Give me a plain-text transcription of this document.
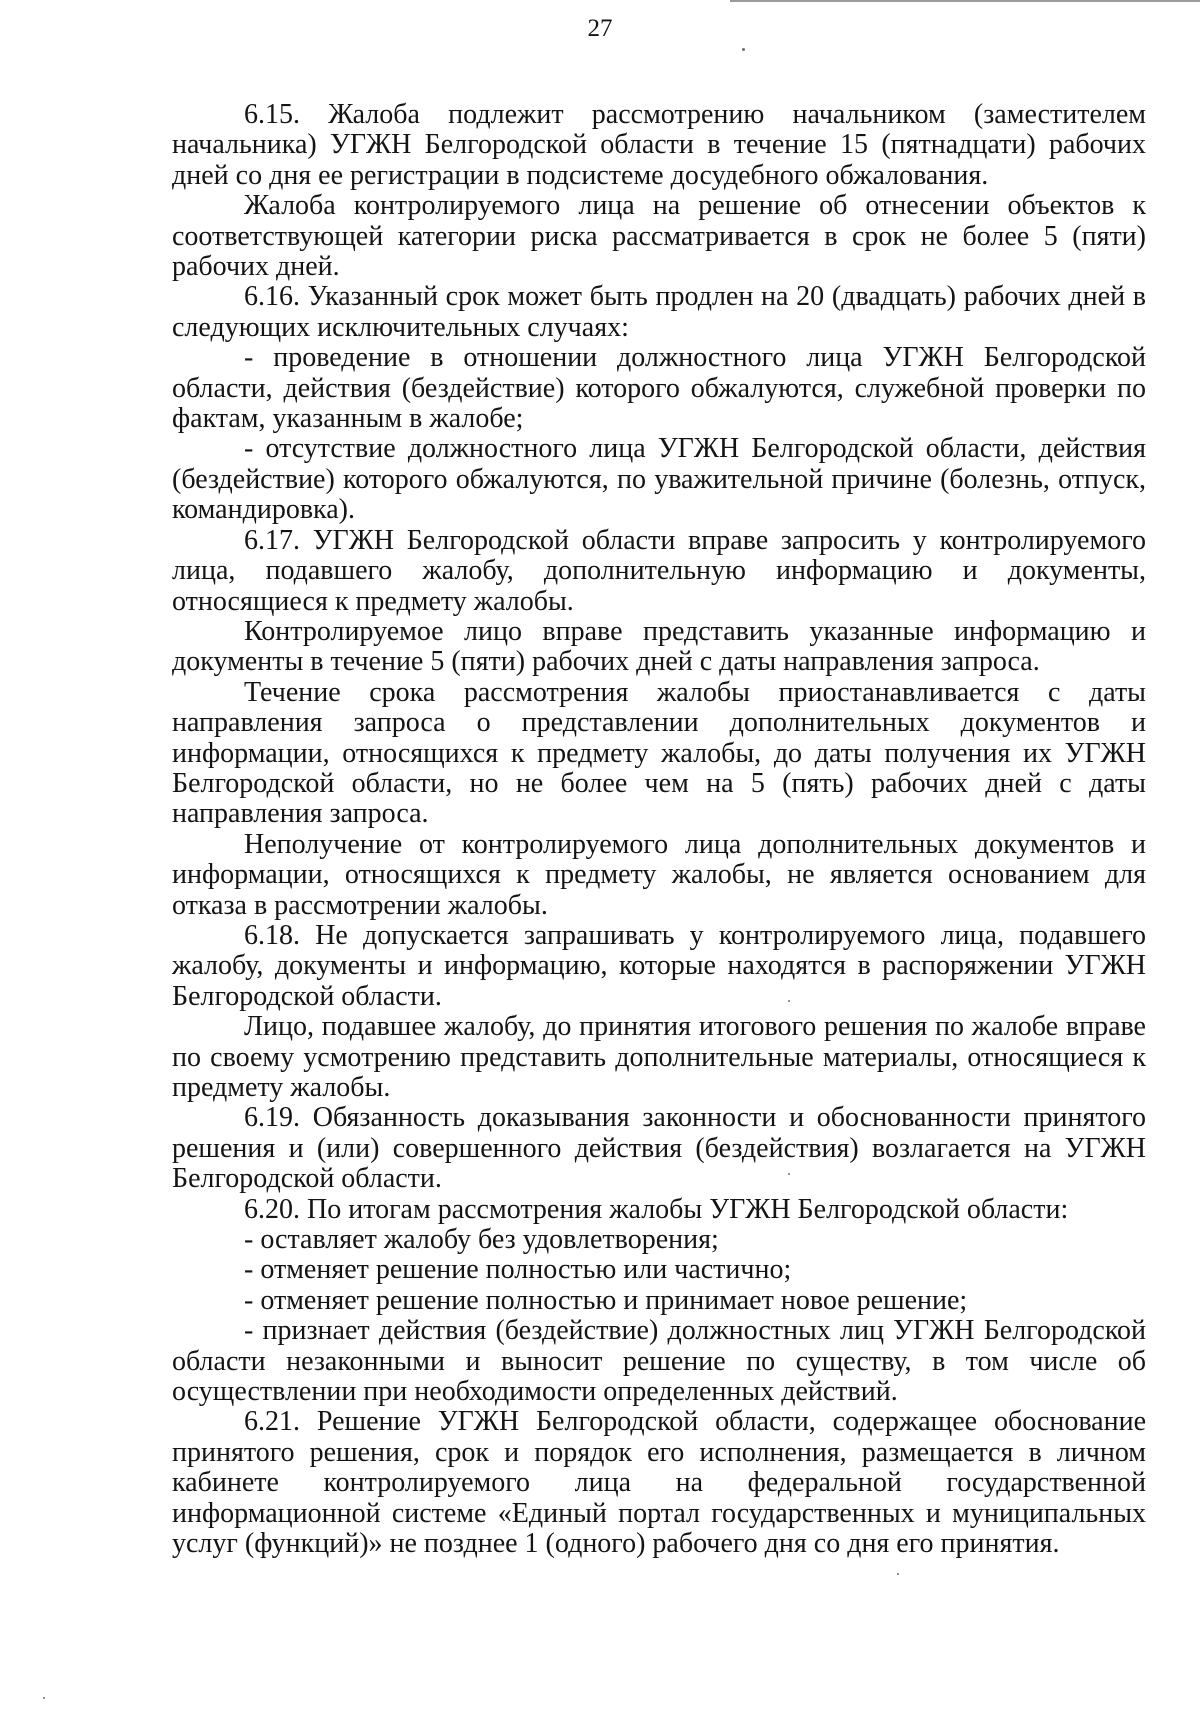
27

6.15. Жалоба подлежит рассмотрению начальником (заместителем начальника) УГЖН Белгородской области в течение 15 (пятнадцати) рабочих дней со дня ее регистрации в подсистеме досудебного обжалования.

Жалоба контролируемого лица на решение об отнесении объектов к соответствующей категории риска рассматривается в срок не более 5 (пяти) рабочих дней.

6.16. Указанный срок может быть продлен на 20 (двадцать) рабочих дней в следующих исключительных случаях:

- проведение в отношении должностного лица УГЖН Белгородской области, действия (бездействие) которого обжалуются, служебной проверки по фактам, указанным в жалобе;

- отсутствие должностного лица УГЖН Белгородской области, действия (бездействие) которого обжалуются, по уважительной причине (болезнь, отпуск, командировка).

6.17. УГЖН Белгородской области вправе запросить у контролируемого лица, подавшего жалобу, дополнительную информацию и документы, относящиеся к предмету жалобы.

Контролируемое лицо вправе представить указанные информацию и документы в течение 5 (пяти) рабочих дней с даты направления запроса.

Течение срока рассмотрения жалобы приостанавливается с даты направления запроса о представлении дополнительных документов и информации, относящихся к предмету жалобы, до даты получения их УГЖН Белгородской области, но не более чем на 5 (пять) рабочих дней с даты направления запроса.

Неполучение от контролируемого лица дополнительных документов и информации, относящихся к предмету жалобы, не является основанием для отказа в рассмотрении жалобы.

6.18. Не допускается запрашивать у контролируемого лица, подавшего жалобу, документы и информацию, которые находятся в распоряжении УГЖН Белгородской области.

Лицо, подавшее жалобу, до принятия итогового решения по жалобе вправе по своему усмотрению представить дополнительные материалы, относящиеся к предмету жалобы.

6.19. Обязанность доказывания законности и обоснованности принятого решения и (или) совершенного действия (бездействия) возлагается на УГЖН Белгородской области.

6.20. По итогам рассмотрения жалобы УГЖН Белгородской области:

- оставляет жалобу без удовлетворения;

- отменяет решение полностью или частично;

- отменяет решение полностью и принимает новое решение;

- признает действия (бездействие) должностных лиц УГЖН Белгородской области незаконными и выносит решение по существу, в том числе об осуществлении при необходимости определенных действий.

6.21. Решение УГЖН Белгородской области, содержащее обоснование принятого решения, срок и порядок его исполнения, размещается в личном кабинете контролируемого лица на федеральной государственной информационной системе «Единый портал государственных и муниципальных услуг (функций)» не позднее 1 (одного) рабочего дня со дня его принятия.
